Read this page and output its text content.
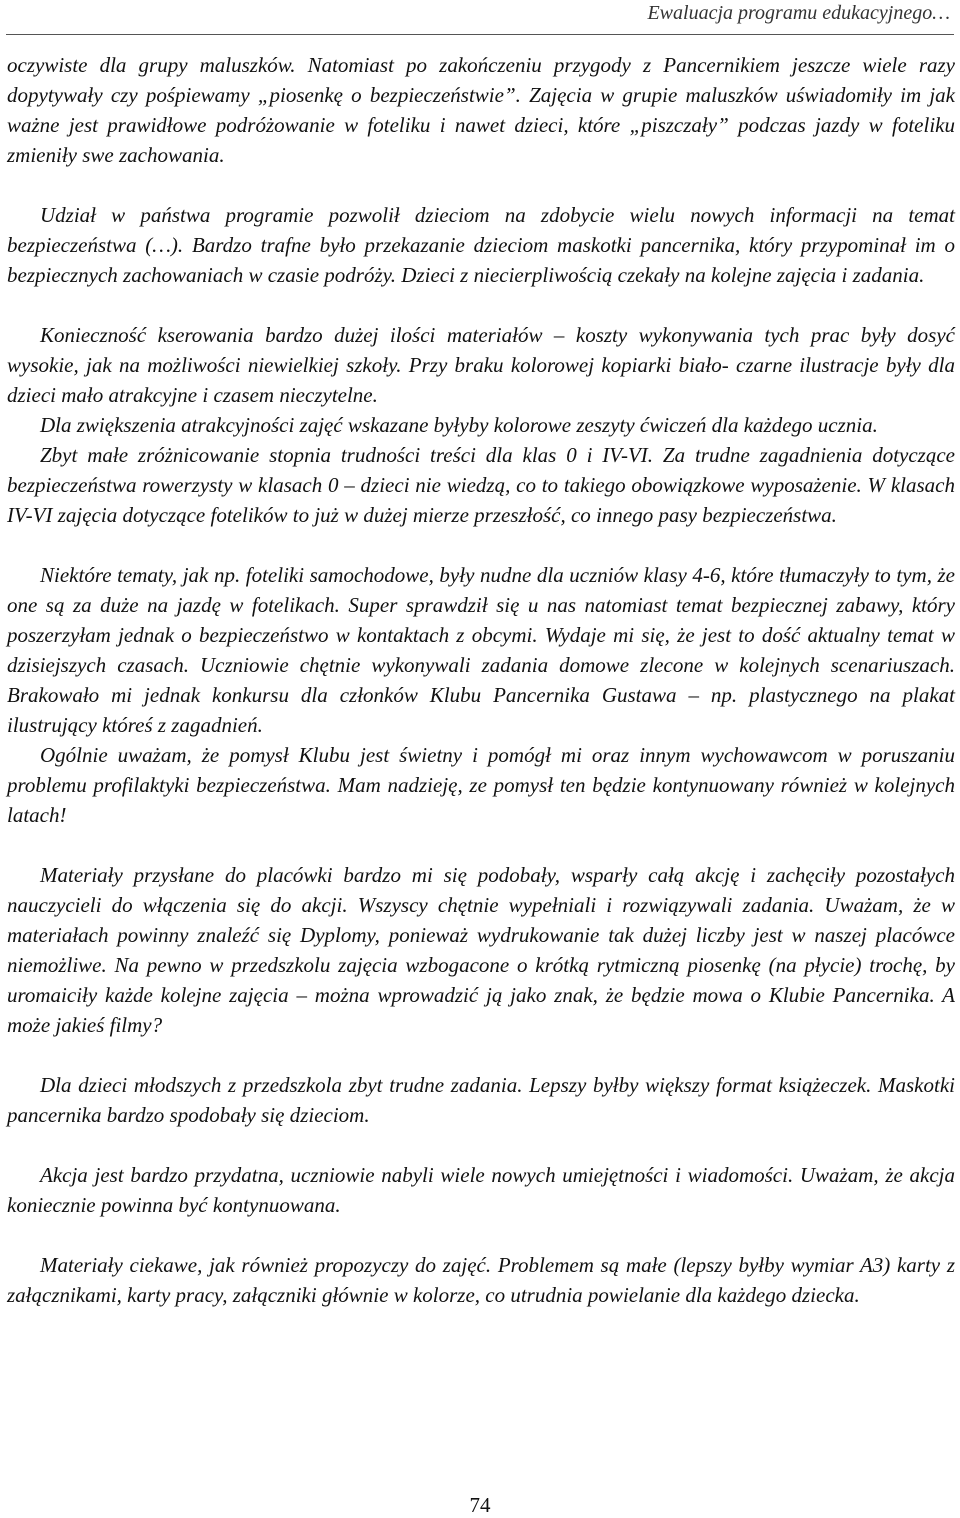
Ewaluacja programu edukacyjnego…

oczywiste dla grupy maluszków. Natomiast po zakończeniu przygody z Pancernikiem jeszcze wiele razy dopytywały czy pośpiewamy „piosenkę o bezpieczeństwie”. Zajęcia w grupie maluszków uświadomiły im jak ważne jest prawidłowe podróżowanie w foteliku i nawet dzieci, które „piszczały” podczas jazdy w foteliku zmieniły swe zachowania.

Udział w państwa programie pozwolił dzieciom na zdobycie wielu nowych informacji na temat bezpieczeństwa (…). Bardzo trafne było przekazanie dzieciom maskotki pancernika, który przypominał im o bezpiecznych zachowaniach w czasie podróży. Dzieci z niecierpliwością czekały na kolejne zajęcia i zadania.

Konieczność kserowania bardzo dużej ilości materiałów – koszty wykonywania tych prac były dosyć wysokie, jak na możliwości niewielkiej szkoły. Przy braku kolorowej kopiarki biało- czarne ilustracje były dla dzieci mało atrakcyjne i czasem nieczytelne.

Dla zwiększenia atrakcyjności zajęć wskazane byłyby kolorowe zeszyty ćwiczeń dla każdego ucznia.

Zbyt małe zróżnicowanie stopnia trudności treści dla klas 0 i IV-VI. Za trudne zagadnienia dotyczące bezpieczeństwa rowerzysty w klasach 0 – dzieci nie wiedzą, co to takiego obowiązkowe wyposażenie. W klasach IV-VI zajęcia dotyczące fotelików to już w dużej mierze przeszłość, co innego pasy bezpieczeństwa.

Niektóre tematy, jak np. foteliki samochodowe, były nudne dla uczniów klasy 4-6, które tłumaczyły to tym, że one są za duże na jazdę w fotelikach. Super sprawdził się u nas natomiast temat bezpiecznej zabawy, który poszerzyłam jednak o bezpieczeństwo w kontaktach z obcymi. Wydaje mi się, że jest to dość aktualny temat w dzisiejszych czasach. Uczniowie chętnie wykonywali zadania domowe zlecone w kolejnych scenariuszach. Brakowało mi jednak konkursu dla członków Klubu Pancernika Gustawa – np. plastycznego na plakat ilustrujący któreś z zagadnień.

Ogólnie uważam, że pomysł Klubu jest świetny i pomógł mi oraz innym wychowawcom w poruszaniu problemu profilaktyki bezpieczeństwa. Mam nadzieję, ze pomysł ten będzie kontynuowany również w kolejnych latach!

Materiały przysłane do placówki bardzo mi się podobały, wsparły całą akcję i zachęciły pozostałych nauczycieli do włączenia się do akcji. Wszyscy chętnie wypełniali i rozwiązywali zadania. Uważam, że w materiałach powinny znaleźć się Dyplomy, ponieważ wydrukowanie tak dużej liczby jest w naszej placówce niemożliwe. Na pewno w przedszkolu zajęcia wzbogacone o krótką rytmiczną piosenkę (na płycie) trochę, by uromaiciły każde kolejne zajęcia – można wprowadzić ją jako znak, że będzie mowa o Klubie Pancernika. A może jakieś filmy?

Dla dzieci młodszych z przedszkola zbyt trudne zadania. Lepszy byłby większy format książeczek. Maskotki pancernika bardzo spodobały się dzieciom.

Akcja jest bardzo przydatna, uczniowie nabyli wiele nowych umiejętności i wiadomości. Uważam, że akcja koniecznie powinna być kontynuowana.

Materiały ciekawe, jak również propozyczy do zajęć. Problemem są małe (lepszy byłby wymiar A3) karty z załącznikami, karty pracy, załączniki głównie w kolorze, co utrudnia powielanie dla każdego dziecka.

74
